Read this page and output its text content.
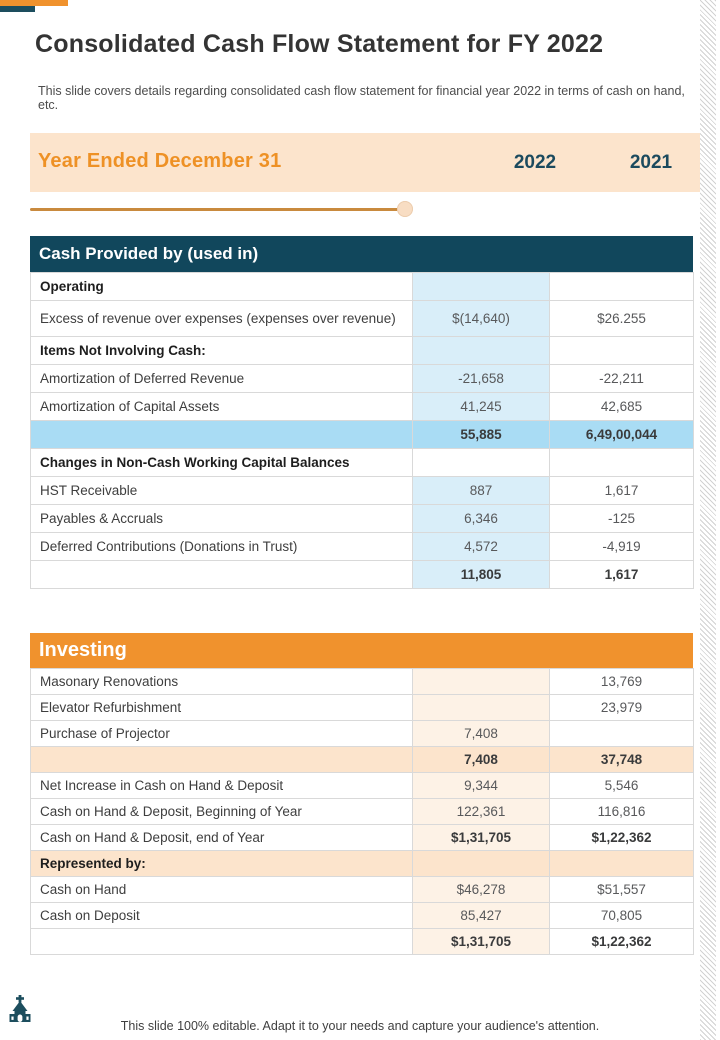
Consolidated Cash Flow Statement for FY 2022
This slide covers details regarding consolidated cash flow statement for financial year 2022 in terms of cash on hand, etc.
Year Ended December 31	2022	2021
Cash Provided by (used in)
Operating		
Excess of revenue over expenses (expenses over revenue)	$(14,640)	$26.255
Items Not Involving Cash:		
Amortization of Deferred Revenue	-21,658	-22,211
Amortization of Capital Assets	41,245	42,685
	55,885	6,49,00,044
Changes in Non-Cash Working Capital Balances		
HST Receivable	887	1,617
Payables & Accruals	6,346	-125
Deferred Contributions (Donations in Trust)	4,572	-4,919
	11,805	1,617
Investing
Masonary Renovations		13,769
Elevator Refurbishment		23,979
Purchase of Projector	7,408	
	7,408	37,748
Net Increase in Cash on Hand & Deposit	9,344	5,546
Cash on Hand & Deposit, Beginning of Year	122,361	116,816
Cash on Hand & Deposit, end of Year	$1,31,705	$1,22,362
Represented by:		
Cash on Hand	$46,278	$51,557
Cash on Deposit	85,427	70,805
	$1,31,705	$1,22,362
This slide 100% editable. Adapt it to your needs and capture your audience's attention.
